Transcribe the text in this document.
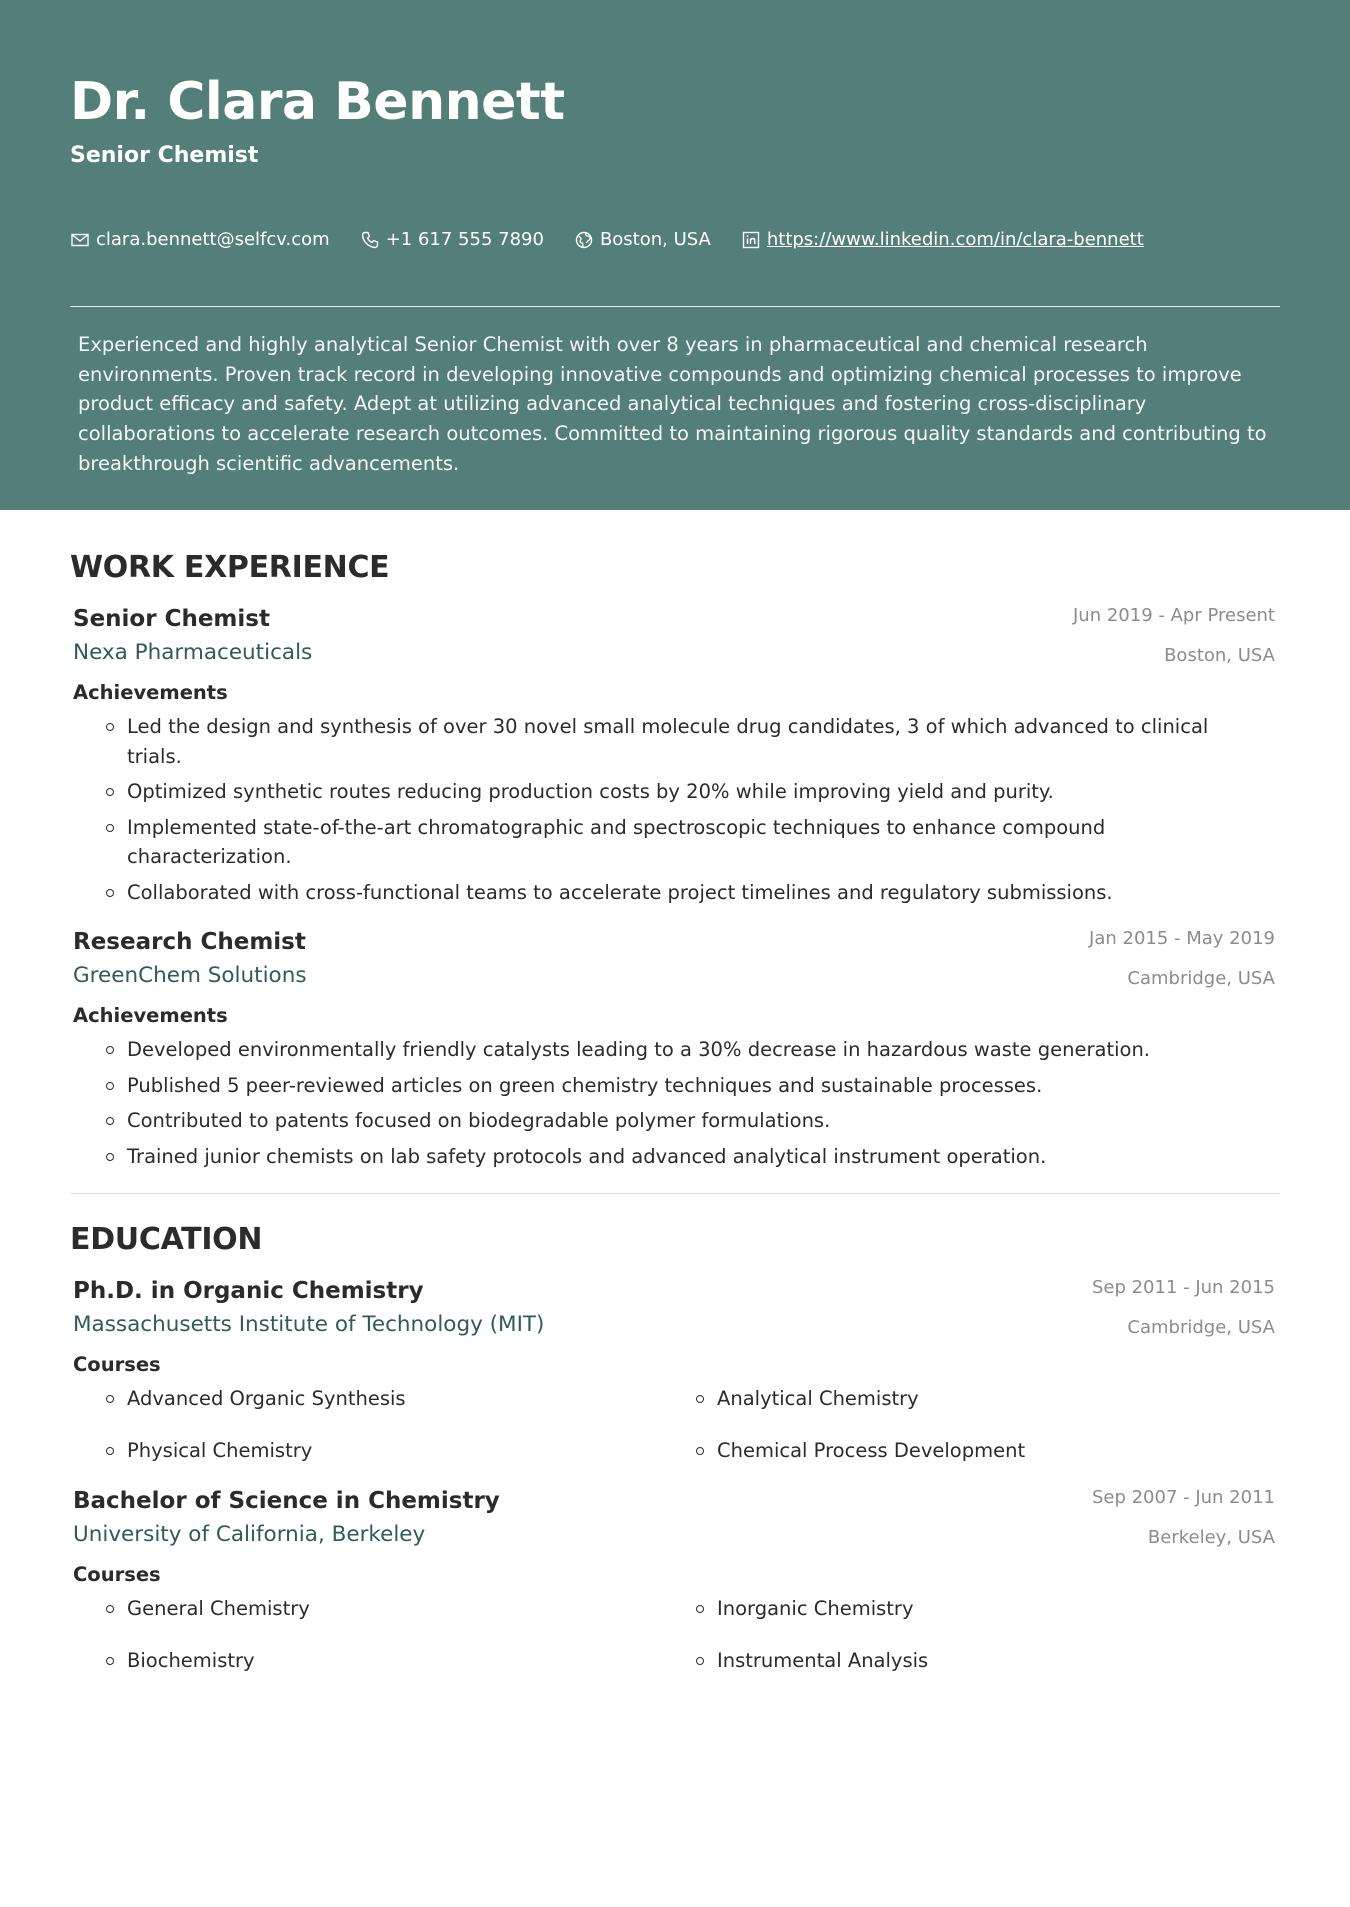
Dr. Clara Bennett
Senior Chemist
clara.bennett@selfcv.com	+1 617 555 7890	Boston, USA	https://www.linkedin.com/in/clara-bennett
Experienced and highly analytical Senior Chemist with over 8 years in pharmaceutical and chemical research environments. Proven track record in developing innovative compounds and optimizing chemical processes to improve product efficacy and safety. Adept at utilizing advanced analytical techniques and fostering cross-disciplinary collaborations to accelerate research outcomes. Committed to maintaining rigorous quality standards and contributing to breakthrough scientific advancements.
WORK EXPERIENCE
Senior Chemist
Nexa Pharmaceuticals
Jun 2019 - Apr Present
Boston, USA
Achievements
Led the design and synthesis of over 30 novel small molecule drug candidates, 3 of which advanced to clinical trials.
Optimized synthetic routes reducing production costs by 20% while improving yield and purity.
Implemented state-of-the-art chromatographic and spectroscopic techniques to enhance compound characterization.
Collaborated with cross-functional teams to accelerate project timelines and regulatory submissions.
Research Chemist
GreenChem Solutions
Jan 2015 - May 2019
Cambridge, USA
Achievements
Developed environmentally friendly catalysts leading to a 30% decrease in hazardous waste generation.
Published 5 peer-reviewed articles on green chemistry techniques and sustainable processes.
Contributed to patents focused on biodegradable polymer formulations.
Trained junior chemists on lab safety protocols and advanced analytical instrument operation.
EDUCATION
Ph.D. in Organic Chemistry
Massachusetts Institute of Technology (MIT)
Sep 2011 - Jun 2015
Cambridge, USA
Courses
Advanced Organic Synthesis	Analytical Chemistry
Physical Chemistry	Chemical Process Development
Bachelor of Science in Chemistry
University of California, Berkeley
Sep 2007 - Jun 2011
Berkeley, USA
Courses
General Chemistry	Inorganic Chemistry
Biochemistry	Instrumental Analysis
